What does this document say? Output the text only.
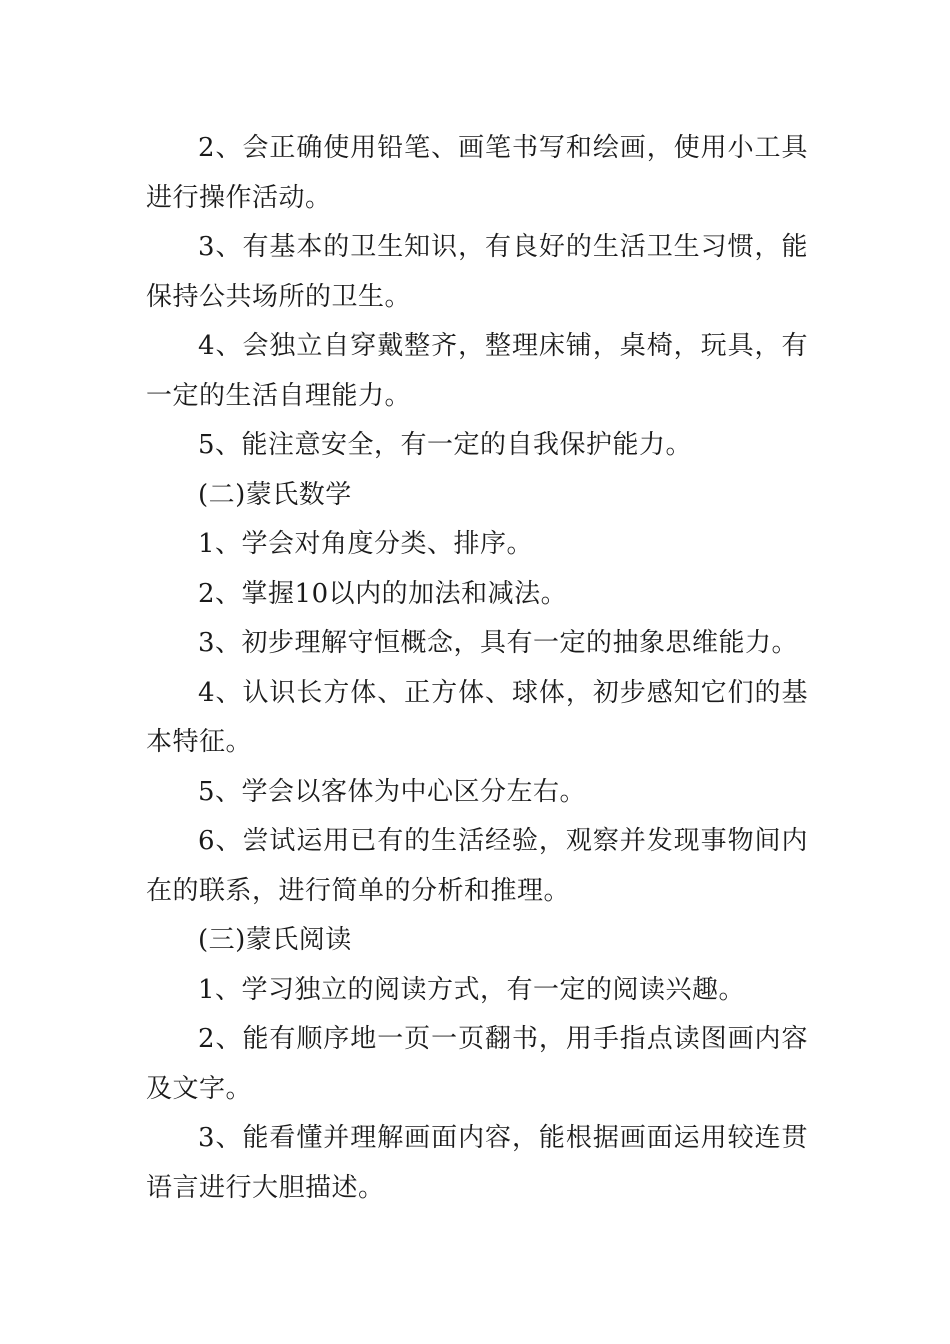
2、会正确使用铅笔、画笔书写和绘画，使用小工具进行操作活动。

3、有基本的卫生知识，有良好的生活卫生习惯，能保持公共场所的卫生。

4、会独立自穿戴整齐，整理床铺，桌椅，玩具，有一定的生活自理能力。

5、能注意安全，有一定的自我保护能力。

(二)蒙氏数学

1、学会对角度分类、排序。

2、掌握10以内的加法和减法。

3、初步理解守恒概念，具有一定的抽象思维能力。

4、认识长方体、正方体、球体，初步感知它们的基本特征。

5、学会以客体为中心区分左右。

6、尝试运用已有的生活经验，观察并发现事物间内在的联系，进行简单的分析和推理。

(三)蒙氏阅读

1、学习独立的阅读方式，有一定的阅读兴趣。

2、能有顺序地一页一页翻书，用手指点读图画内容及文字。

3、能看懂并理解画面内容，能根据画面运用较连贯语言进行大胆描述。
